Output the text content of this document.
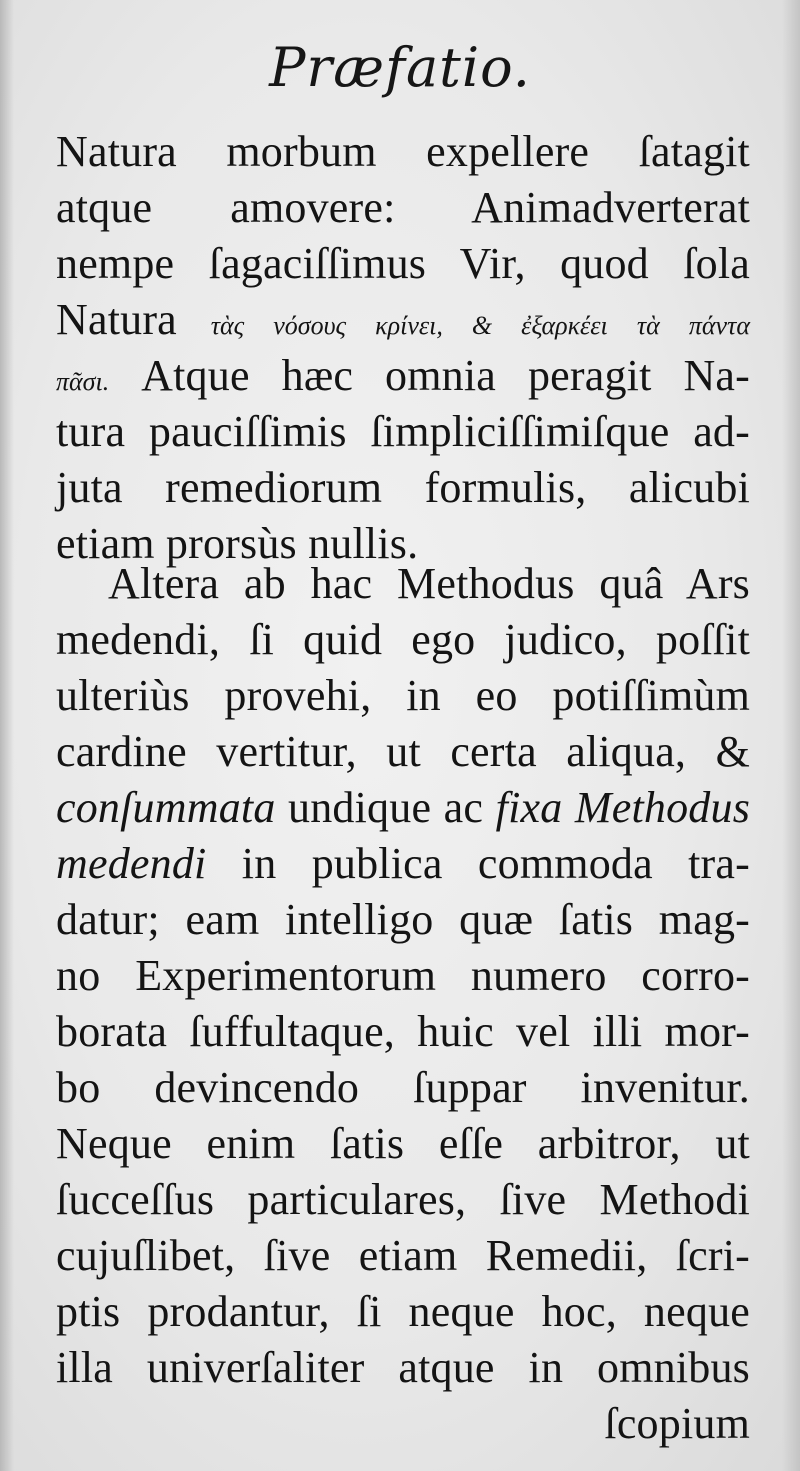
Præfatio.

Natura morbum expellere ſatagit

atque amovere: Animadverterat

nempe ſagaciſſimus Vir, quod ſola

Natura τὰς νόσους κρίνει, & ἐξαρκέει τὰ πάντα

πᾶσι. Atque hæc omnia peragit Na-

tura pauciſſimis ſimpliciſſimiſque ad-

juta remediorum formulis, alicubi

etiam prorsùs nullis.

Altera ab hac Methodus quâ Ars

medendi, ſi quid ego judico, poſſit

ulteriùs provehi, in eo potiſſimùm

cardine vertitur, ut certa aliqua, &

conſummata undique ac fixa Methodus

medendi in publica commoda tra-

datur; eam intelligo quæ ſatis mag-

no Experimentorum numero corro-

borata ſuffultaque, huic vel illi mor-

bo devincendo ſuppar invenitur.

Neque enim ſatis eſſe arbitror, ut

ſucceſſus particulares, ſive Methodi

cujuſlibet, ſive etiam Remedii, ſcri-

ptis prodantur, ſi neque hoc, neque

illa univerſaliter atque in omnibus

ſcopium
